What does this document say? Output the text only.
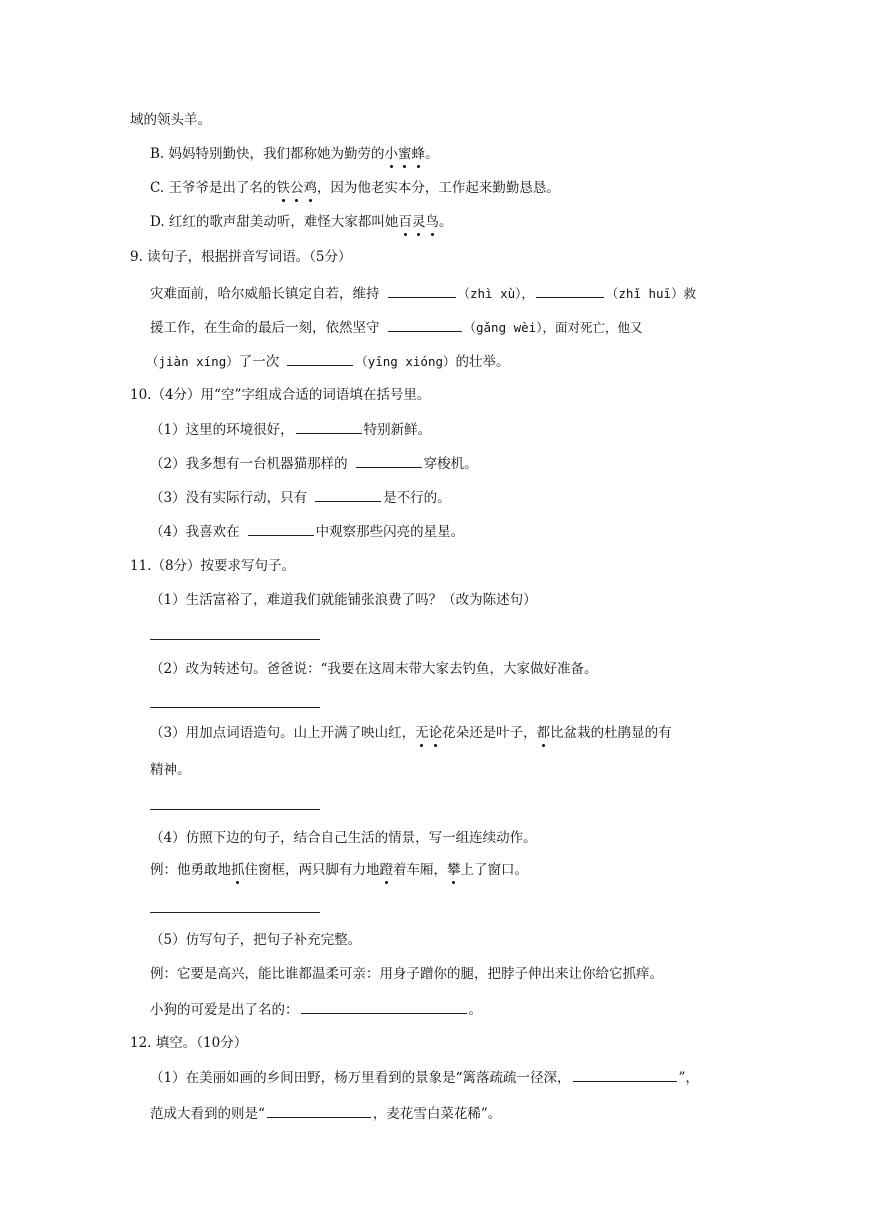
域的领头羊。
B. 妈妈特别勤快，我们都称她为勤劳的小蜜蜂。
C. 王爷爷是出了名的铁公鸡，因为他老实本分，工作起来勤勤恳恳。
D. 红红的歌声甜美动听，难怪大家都叫她百灵鸟。
9. 读句子，根据拼音写词语。（5分）
灾难面前，哈尔威船长镇定自若，维持	（zhì xù），	（zhǐ huī）救
援工作，在生命的最后一刻，依然坚守	（gǎng wèi），面对死亡，他又
（jiàn xíng）了一次	（yīng xióng）的壮举。
10.（4分）用“空”字组成合适的词语填在括号里。
（1）这里的环境很好，	特别新鲜。
（2）我多想有一台机器猫那样的	穿梭机。
（3）没有实际行动，只有	是不行的。
（4）我喜欢在	中观察那些闪亮的星星。
11.（8分）按要求写句子。
（1）生活富裕了，难道我们就能铺张浪费了吗？（改为陈述句）
（2）改为转述句。爸爸说：“我要在这周末带大家去钓鱼，大家做好准备。
（3）用加点词语造句。山上开满了映山红，无论花朵还是叶子，都比盆栽的杜鹃显的有
精神。
（4）仿照下边的句子，结合自己生活的情景，写一组连续动作。
例：他勇敢地抓住窗框，两只脚有力地蹬着车厢，攀上了窗口。
（5）仿写句子，把句子补充完整。
例：它要是高兴，能比谁都温柔可亲：用身子蹭你的腿，把脖子伸出来让你给它抓痒。
小狗的可爱是出了名的：	。
12. 填空。（10分）
（1）在美丽如画的乡间田野，杨万里看到的景象是“篱落疏疏一径深，	”，
范成大看到的则是“	，麦花雪白菜花稀”。
